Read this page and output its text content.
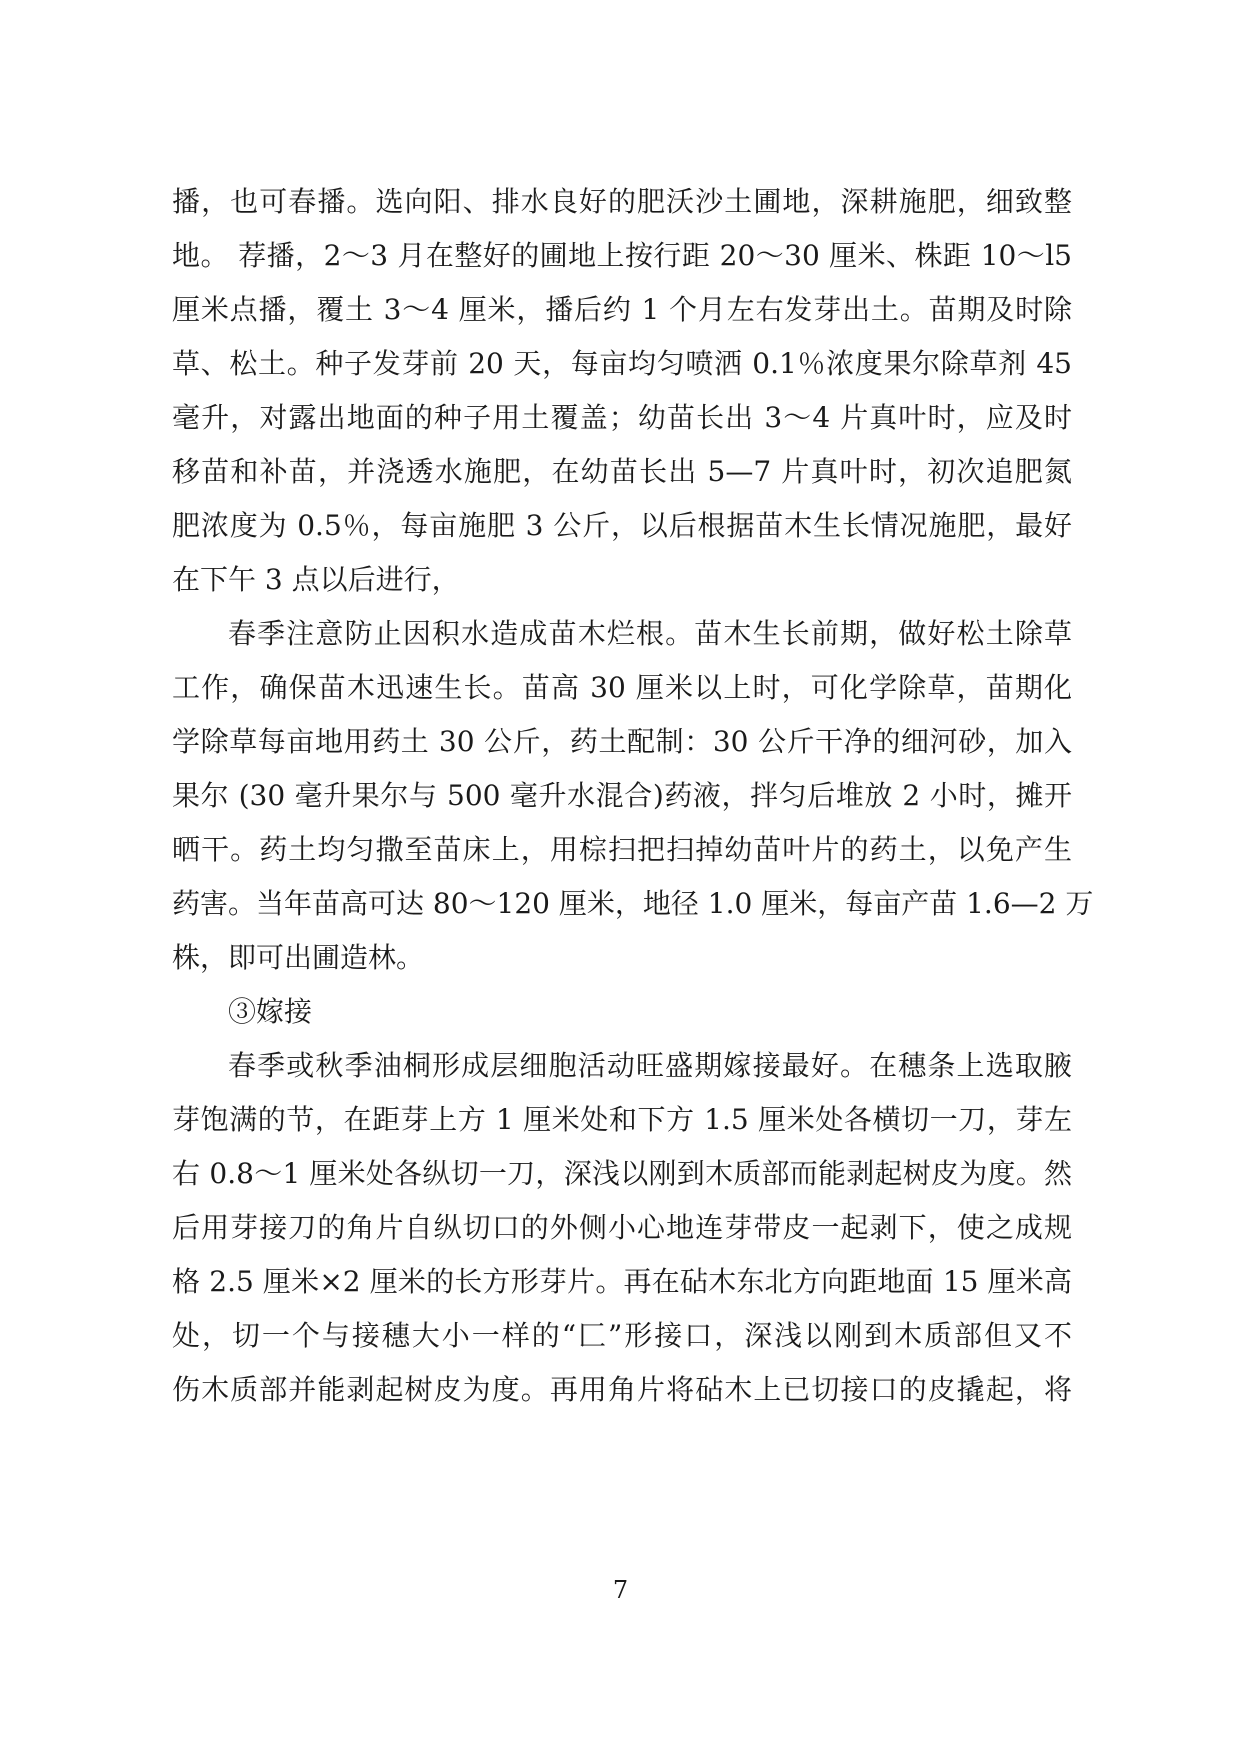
播，也可春播。选向阳、排水良好的肥沃沙土圃地，深耕施肥，细致整
地。 荐播，2～3 月在整好的圃地上按行距 20～30 厘米、株距 10～l5
厘米点播，覆土 3～4 厘米，播后约 1 个月左右发芽出土。苗期及时除
草、松土。种子发芽前 20 天，每亩均匀喷洒 0.1％浓度果尔除草剂 45
毫升，对露出地面的种子用土覆盖；幼苗长出 3～4 片真叶时，应及时
移苗和补苗，并浇透水施肥，在幼苗长出 5—7 片真叶时，初次追肥氮
肥浓度为 0.5％，每亩施肥 3 公斤，以后根据苗木生长情况施肥，最好
在下午 3 点以后进行，
春季注意防止因积水造成苗木烂根。苗木生长前期，做好松土除草
工作，确保苗木迅速生长。苗高 30 厘米以上时，可化学除草，苗期化
学除草每亩地用药土 30 公斤，药土配制：30 公斤干净的细河砂，加入
果尔 (30 毫升果尔与 500 毫升水混合)药液，拌匀后堆放 2 小时，摊开
晒干。药土均匀撒至苗床上，用棕扫把扫掉幼苗叶片的药土，以免产生
药害。当年苗高可达 80～120 厘米，地径 1.0 厘米，每亩产苗 1.6—2 万
株，即可出圃造林。
③嫁接
春季或秋季油桐形成层细胞活动旺盛期嫁接最好。在穗条上选取腋
芽饱满的节，在距芽上方 1 厘米处和下方 1.5 厘米处各横切一刀，芽左
右 0.8～1 厘米处各纵切一刀，深浅以刚到木质部而能剥起树皮为度。然
后用芽接刀的角片自纵切口的外侧小心地连芽带皮一起剥下，使之成规
格 2.5 厘米×2 厘米的长方形芽片。再在砧木东北方向距地面 15 厘米高
处，切一个与接穗大小一样的“匚”形接口，深浅以刚到木质部但又不
伤木质部并能剥起树皮为度。再用角片将砧木上已切接口的皮撬起，将
7
